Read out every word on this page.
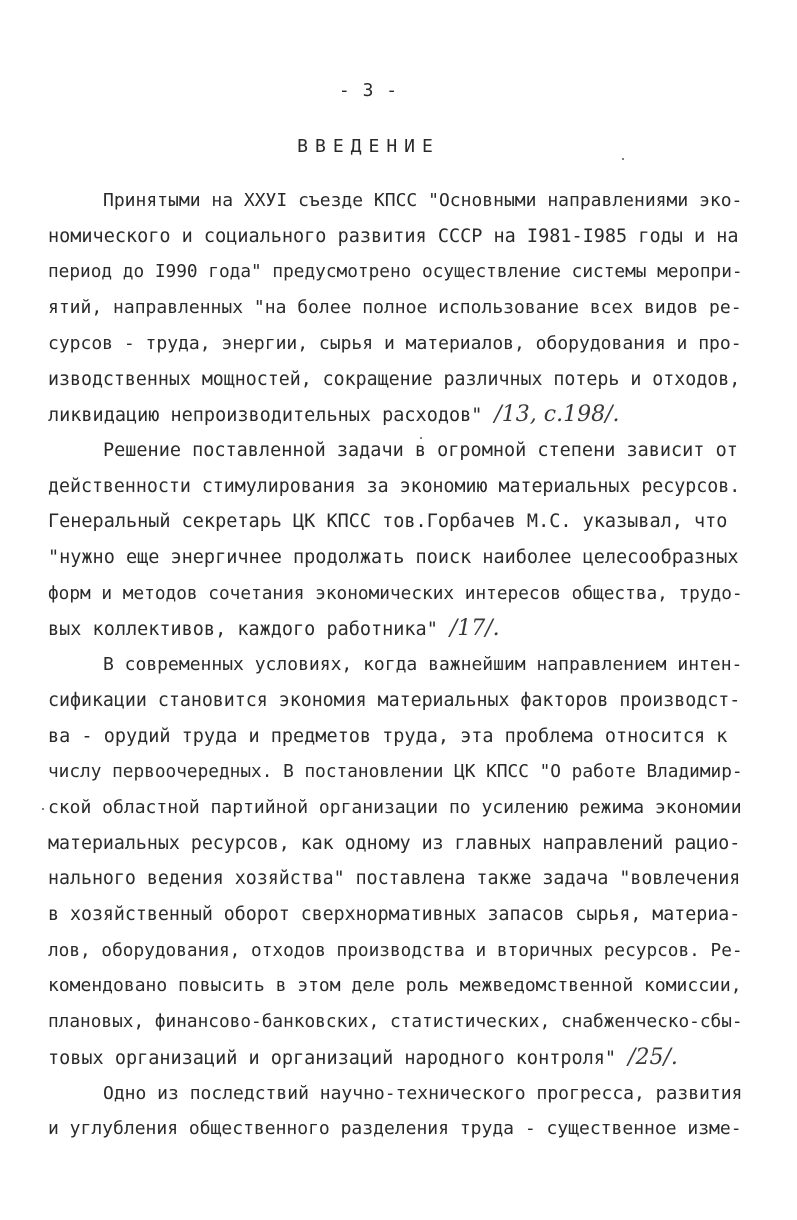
- 3 -
ВВЕДЕНИЕ
Принятыми на ХХУI съезде КПСС "Основными направлениями эко-
номического и социального развития СССР на I981-I985 годы и на
период до I990 года" предусмотрено осуществление системы меропри-
ятий, направленных "на более полное использование всех видов ре-
сурсов - труда, энергии, сырья и материалов, оборудования и про-
изводственных мощностей, сокращение различных потерь и отходов,
ликвидацию непроизводительных расходов" /13, с.198/.
Решение поставленной задачи в огромной степени зависит от
действенности стимулирования за экономию материальных ресурсов.
Генеральный секретарь ЦК КПСС тов.Горбачев М.С. указывал, что
"нужно еще энергичнее продолжать поиск наиболее целесообразных
форм и методов сочетания экономических интересов общества, трудо-
вых коллективов, каждого работника" /17/.
В современных условиях, когда важнейшим направлением интен-
сификации становится экономия материальных факторов производст-
ва - орудий труда и предметов труда, эта проблема относится к
числу первоочередных. В постановлении ЦК КПСС "О работе Владимир-
ской областной партийной организации по усилению режима экономии
материальных ресурсов, как одному из главных направлений рацио-
нального ведения хозяйства" поставлена также задача "вовлечения
в хозяйственный оборот сверхнормативных запасов сырья, материа-
лов, оборудования, отходов производства и вторичных ресурсов. Ре-
комендовано повысить в этом деле роль межведомственной комиссии,
плановых, финансово-банковских, статистических, снабженческо-сбы-
товых организаций и организаций народного контроля" /25/.
Одно из последствий научно-технического прогресса, развития
и углубления общественного разделения труда - существенное изме-
